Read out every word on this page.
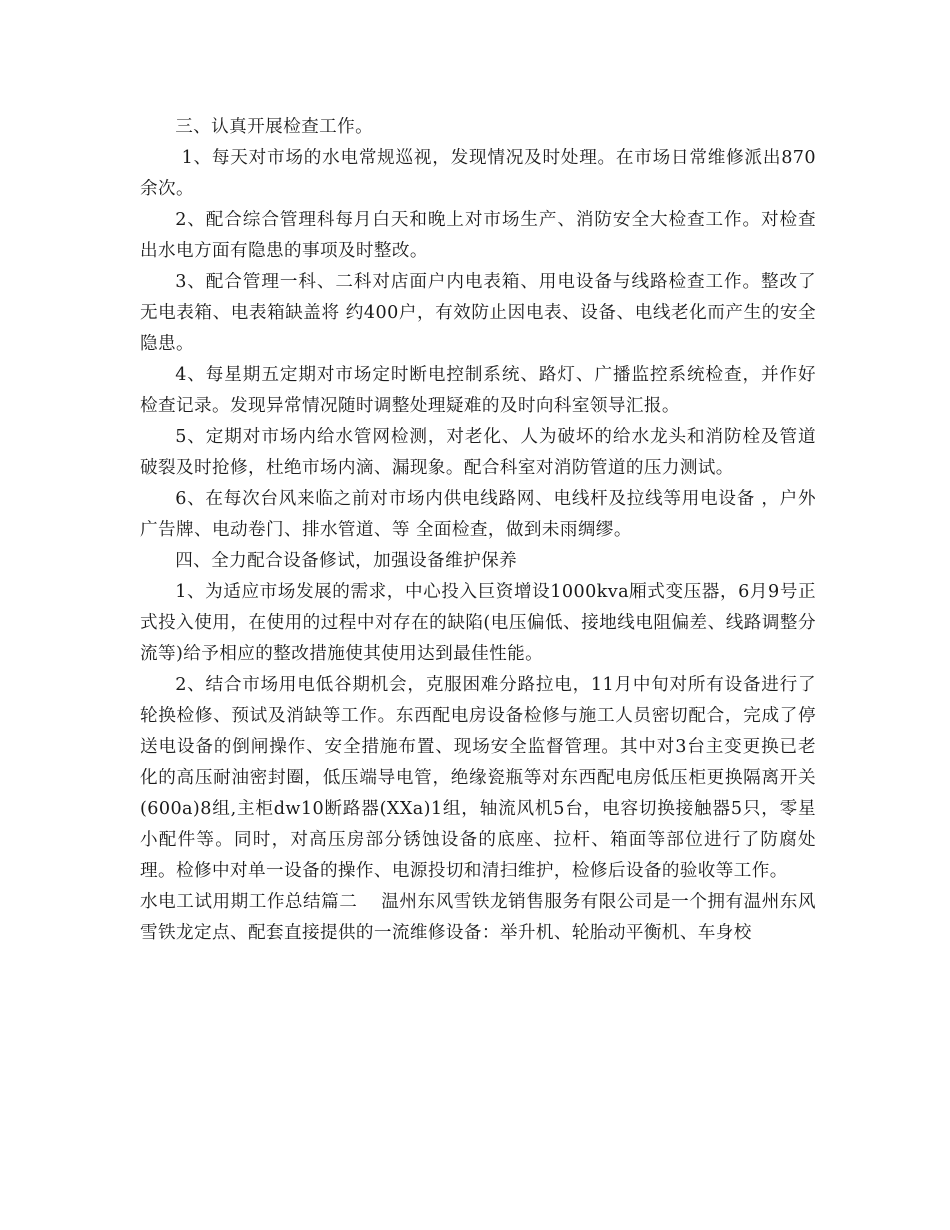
三、认真开展检查工作。

1、每天对市场的水电常规巡视，发现情况及时处理。在市场日常维修派出870余次。

2、配合综合管理科每月白天和晚上对市场生产、消防安全大检查工作。对检查出水电方面有隐患的事项及时整改。

3、配合管理一科、二科对店面户内电表箱、用电设备与线路检查工作。整改了无电表箱、电表箱缺盖将 约400户，有效防止因电表、设备、电线老化而产生的安全隐患。

4、每星期五定期对市场定时断电控制系统、路灯、广播监控系统检查，并作好检查记录。发现异常情况随时调整处理疑难的及时向科室领导汇报。

5、定期对市场内给水管网检测，对老化、人为破坏的给水龙头和消防栓及管道破裂及时抢修，杜绝市场内滴、漏现象。配合科室对消防管道的压力测试。

6、在每次台风来临之前对市场内供电线路网、电线杆及拉线等用电设备 ，户外广告牌、电动卷门、排水管道、等 全面检查，做到未雨绸缪。

四、全力配合设备修试，加强设备维护保养

1、为适应市场发展的需求，中心投入巨资增设1000kva厢式变压器，6月9号正式投入使用，在使用的过程中对存在的缺陷(电压偏低、接地线电阻偏差、线路调整分流等)给予相应的整改措施使其使用达到最佳性能。

2、结合市场用电低谷期机会，克服困难分路拉电，11月中旬对所有设备进行了轮换检修、预试及消缺等工作。东西配电房设备检修与施工人员密切配合，完成了停送电设备的倒闸操作、安全措施布置、现场安全监督管理。其中对3台主变更换已老化的高压耐油密封圈，低压端导电管，绝缘瓷瓶等对东西配电房低压柜更换隔离开关(600a)8组,主柜dw10断路器(XXa)1组，轴流风机5台，电容切换接触器5只，零星小配件等。同时，对高压房部分锈蚀设备的底座、拉杆、箱面等部位进行了防腐处理。检修中对单一设备的操作、电源投切和清扫维护，检修后设备的验收等工作。

水电工试用期工作总结篇二	温州东风雪铁龙销售服务有限公司是一个拥有温州东风雪铁龙定点、配套直接提供的一流维修设备：举升机、轮胎动平衡机、车身校
